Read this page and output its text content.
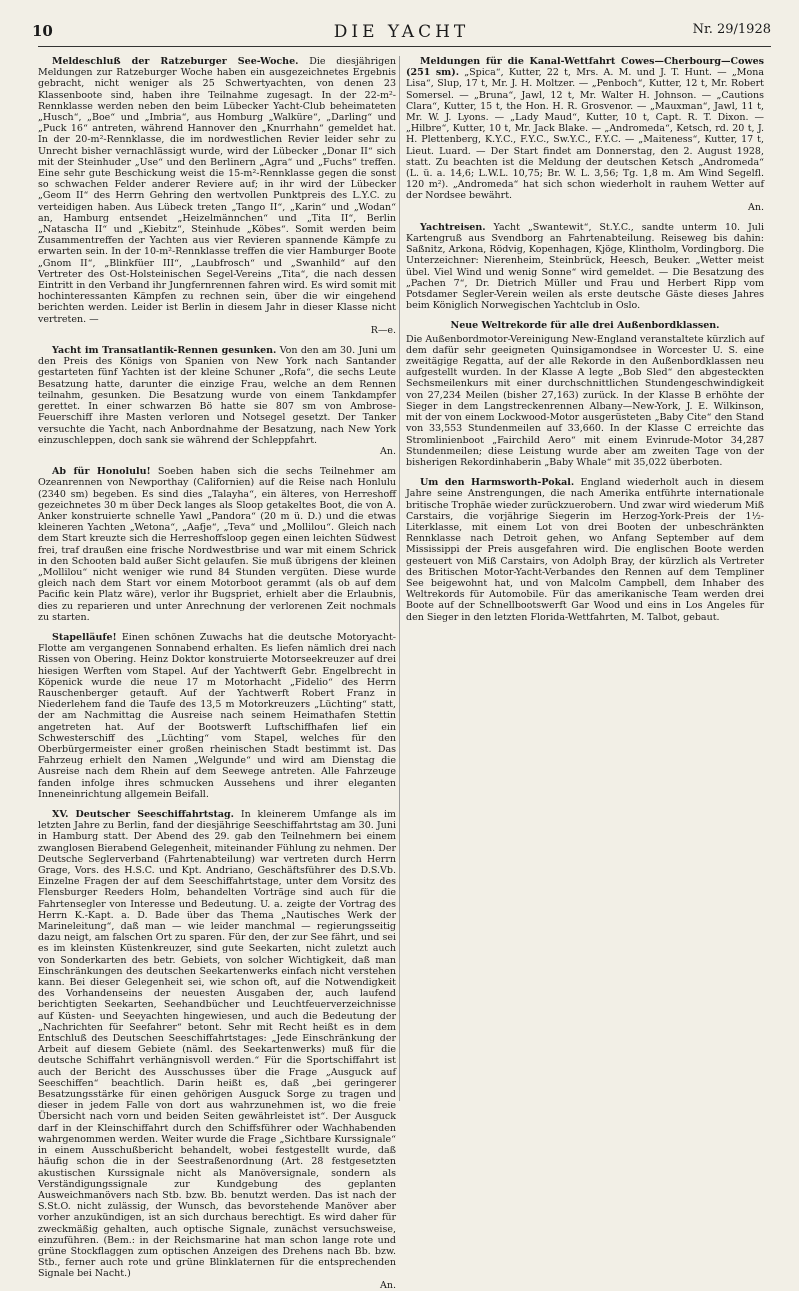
10	DIE YACHT	Nr. 29/1928

Meldeschluß der Ratzeburger See-Woche. Die diesjährigen Meldungen zur Ratzeburger Woche haben ein ausgezeichnetes Ergebnis gebracht, nicht weniger als 25 Schwertyachten, von denen 23 Klassenboote sind, haben ihre Teilnahme zugesagt. In der 22-m²-Rennklasse werden neben den beim Lübecker Yacht-Club beheimateten „Husch“, „Boe“ und „Imbria“, aus Homburg „Walküre“, „Darling“ und „Puck 16“ antreten, während Hannover den „Knurrhahn“ gemeldet hat. In der 20-m²-Rennklasse, die im nordwestlichen Revier leider sehr zu Unrecht bisher vernachlässigt wurde, wird der Lübecker „Donar II“ sich mit der Steinhuder „Use“ und den Berlinern „Agra“ und „Fuchs“ treffen. Eine sehr gute Beschickung weist die 15-m²-Rennklasse gegen die sonst so schwachen Felder anderer Reviere auf; in ihr wird der Lübecker „Geom II“ des Herrn Gehring den wertvollen Punktpreis des L.Y.C. zu verteidigen haben. Aus Lübeck treten „Tango II“, „Karin“ und „Wodan“ an, Hamburg entsendet „Heizelmännchen“ und „Tita II“, Berlin „Natascha II“ und „Kiebitz“, Steinhude „Köbes“. Somit werden beim Zusammentreffen der Yachten aus vier Revieren spannende Kämpfe zu erwarten sein. In der 10-m²-Rennklasse treffen die vier Hamburger Boote „Gnom II“, „Blinkfüer III“, „Laubfrosch“ und „Swanhild“ auf den Vertreter des Ost-Holsteinischen Segel-Vereins „Tita“, die nach dessen Eintritt in den Verband ihr Jungfernrennen fahren wird. Es wird somit mit hochinteressanten Kämpfen zu rechnen sein, über die wir eingehend berichten werden. Leider ist Berlin in diesem Jahr in dieser Klasse nicht vertreten. —
R—e.

Yacht im Transatlantik-Rennen gesunken. Von den am 30. Juni um den Preis des Königs von Spanien von New York nach Santander gestarteten fünf Yachten ist der kleine Schuner „Rofa“, die sechs Leute Besatzung hatte, darunter die einzige Frau, welche an dem Rennen teilnahm, gesunken. Die Besatzung wurde von einem Tankdampfer gerettet. In einer schwarzen Bö hatte sie 807 sm von Ambrose-Feuerschiff ihre Masten verloren und Notsegel gesetzt. Der Tanker versuchte die Yacht, nach Anbordnahme der Besatzung, nach New York einzuschleppen, doch sank sie während der Schleppfahrt.
An.

Ab für Honolulu! Soeben haben sich die sechs Teilnehmer am Ozeanrennen von Newporthay (Californien) auf die Reise nach Honlulu (2340 sm) begeben. Es sind dies „Talayha“, ein älteres, von Herreshoff gezeichnetes 30 m über Deck langes als Sloop getakeltes Boot, die von A. Anker konstruierte schnelle Yawl „Pandora“ (20 m ü. D.) und die etwas kleineren Yachten „Wetona“, „Aafje“, „Teva“ und „Mollilou“. Gleich nach dem Start kreuzte sich die Herreshoffsloop gegen einen leichten Südwest frei, traf draußen eine frische Nordwestbrise und war mit einem Schrick in den Schooten bald außer Sicht gelaufen. Sie muß übrigens der kleinen „Mollilou“ nicht weniger wie rund 84 Stunden vergüten. Diese wurde gleich nach dem Start vor einem Motorboot gerammt (als ob auf dem Pacific kein Platz wäre), verlor ihr Bugspriet, erhielt aber die Erlaubnis, dies zu reparieren und unter Anrechnung der verlorenen Zeit nochmals zu starten.

Stapelläufe! Einen schönen Zuwachs hat die deutsche Motoryacht-Flotte am vergangenen Sonnabend erhalten. Es liefen nämlich drei nach Rissen von Obering. Heinz Doktor konstruierte Motorseekreuzer auf drei hiesigen Werften vom Stapel. Auf der Yachtwerft Gebr. Engelbrecht in Köpenick wurde die neue 17 m Motorhacht „Fidelio“ des Herrn Rauschenberger getauft. Auf der Yachtwerft Robert Franz in Niederlehem fand die Taufe des 13,5 m Motorkreuzers „Lüchting“ statt, der am Nachmittag die Ausreise nach seinem Heimathafen Stettin angetreten hat. Auf der Bootswerft Luftschiffhafen lief ein Schwesterschiff des „Lüchting“ vom Stapel, welches für den Oberbürgermeister einer großen rheinischen Stadt bestimmt ist. Das Fahrzeug erhielt den Namen „Welgunde“ und wird am Dienstag die Ausreise nach dem Rhein auf dem Seewege antreten. Alle Fahrzeuge fanden infolge ihres schmucken Aussehens und ihrer eleganten Inneneinrichtung allgemein Beifall.

XV. Deutscher Seeschiffahrtstag. In kleinerem Umfange als im letzten Jahre zu Berlin, fand der diesjährige Seeschiffahrtstag am 30. Juni in Hamburg statt. Der Abend des 29. gab den Teilnehmern bei einem zwanglosen Bierabend Gelegenheit, miteinander Fühlung zu nehmen. Der Deutsche Seglerverband (Fahrtenabteilung) war vertreten durch Herrn Grage, Vors. des H.S.C. und Kpt. Andriano, Geschäftsführer des D.S.Vb. Einzelne Fragen der auf dem Seeschiffahrtstage, unter dem Vorsitz des Flensburger Reeders Holm, behandelten Vorträge sind auch für die Fahrtensegler von Interesse und Bedeutung. U. a. zeigte der Vortrag des Herrn K.-Kapt. a. D. Bade über das Thema „Nautisches Werk der Marineleitung“, daß man — wie leider manchmal — regierungsseitig dazu neigt, am falschen Ort zu sparen. Für den, der zur See fährt, und sei es im kleinsten Küstenkreuzer, sind gute Seekarten, nicht zuletzt auch von Sonderkarten des betr. Gebiets, von solcher Wichtigkeit, daß man Einschränkungen des deutschen Seekartenwerks einfach nicht verstehen kann. Bei dieser Gelegenheit sei, wie schon oft, auf die Notwendigkeit des Vorhandenseins der neuesten Ausgaben der, auch laufend berichtigten Seekarten, Seehandbücher und Leuchtfeuerverzeichnisse auf Küsten- und Seeyachten hingewiesen, und auch die Bedeutung der „Nachrichten für Seefahrer“ betont. Sehr mit Recht heißt es in dem Entschluß des Deutschen Seeschiffahrtstages: „Jede Einschränkung der Arbeit auf diesem Gebiete (näml. des Seekartenwerks) muß für die deutsche Schiffahrt verhängnisvoll werden.“ Für die Sportschiffahrt ist auch der Bericht des Ausschusses über die Frage „Ausguck auf Seeschiffen“ beachtlich. Darin heißt es, daß „bei geringerer Besatzungsstärke für einen gehörigen Ausguck Sorge zu tragen und dieser in jedem Falle von dort aus wahrzunehmen ist, wo die freie Übersicht nach vorn und beiden Seiten gewährleistet ist“. Der Ausguck darf in der Kleinschiffahrt durch den Schiffsführer oder Wachhabenden wahrgenommen werden. Weiter wurde die Frage „Sichtbare Kurssignale“ in einem Ausschußbericht behandelt, wobei festgestellt wurde, daß häufig schon die in der Seestraßenordnung (Art. 28 festgesetzten akustischen Kurssignale nicht als Manöversignale, sondern als Verständigungssignale zur Kundgebung des geplanten Ausweichmanövers nach Stb. bzw. Bb. benutzt werden. Das ist nach der S.St.O. nicht zulässig, der Wunsch, das bevorstehende Manöver aber vorher anzukündigen, ist an sich durchaus berechtigt. Es wird daher für zweckmäßig gehalten, auch optische Signale, zunächst versuchsweise, einzuführen. (Bem.: in der Reichsmarine hat man schon lange rote und grüne Stockflaggen zum optischen Anzeigen des Drehens nach Bb. bzw. Stb., ferner auch rote und grüne Blinklaternen für die entsprechenden Signale bei Nacht.)
An.

Meldungen für die Kanal-Wettfahrt Cowes—Cherbourg—Cowes (251 sm). „Spica“, Kutter, 22 t, Mrs. A. M. und J. T. Hunt. — „Mona Lisa“, Slup, 17 t, Mr. J. H. Moltzer. — „Penboch“, Kutter, 12 t, Mr. Robert Somersel. — „Bruna“, Jawl, 12 t, Mr. Walter H. Johnson. — „Cautions Clara“, Kutter, 15 t, the Hon. H. R. Grosvenor. — „Mauxman“, Jawl, 11 t, Mr. W. J. Lyons. — „Lady Maud“, Kutter, 10 t, Capt. R. T. Dixon. — „Hilbre“, Kutter, 10 t, Mr. Jack Blake. — „Andromeda“, Ketsch, rd. 20 t, J. H. Plettenberg, K.Y.C., F.Y.C., Sw.Y.C., F.Y.C. — „Maiteness“, Kutter, 17 t, Lieut. Luard. — Der Start findet am Donnerstag, den 2. August 1928, statt. Zu beachten ist die Meldung der deutschen Ketsch „Andromeda“ (L. ü. a. 14,6; L.W.L. 10,75; Br. W. L. 3,56; Tg. 1,8 m. Am Wind Segelfl. 120 m²). „Andromeda“ hat sich schon wiederholt in rauhem Wetter auf der Nordsee bewährt.
An.

Yachtreisen. Yacht „Swantewit“, St.Y.C., sandte unterm 10. Juli Kartengruß aus Svendborg an Fahrtenabteilung. Reiseweg bis dahin: Saßnitz, Arkona, Rödvig, Kopenhagen, Kjöge, Klintholm, Vordingborg. Die Unterzeichner: Nierenheim, Steinbrück, Heesch, Beuker. „Wetter meist übel. Viel Wind und wenig Sonne“ wird gemeldet. — Die Besatzung des „Pachen 7“, Dr. Dietrich Müller und Frau und Herbert Ripp vom Potsdamer Segler-Verein weilen als erste deutsche Gäste dieses Jahres beim Königlich Norwegischen Yachtclub in Oslo.

Neue Weltrekorde für alle drei Außenbordklassen.

Die Außenbordmotor-Vereinigung New-England veranstaltete kürzlich auf dem dafür sehr geeigneten Quinsigamondsee in Worcester U. S. eine zweitägige Regatta, auf der alle Rekorde in den Außenbordklassen neu aufgestellt wurden. In der Klasse A legte „Bob Sled“ den abgesteckten Sechsmeilenkurs mit einer durchschnittlichen Stundengeschwindigkeit von 27,234 Meilen (bisher 27,163) zurück. In der Klasse B erhöhte der Sieger in dem Langstreckenrennen Albany—New-York, J. E. Wilkinson, mit der von einem Lockwood-Motor ausgerüsteten „Baby Cite“ den Stand von 33,553 Stundenmeilen auf 33,660. In der Klasse C erreichte das Stromlinienboot „Fairchild Aero“ mit einem Evinrude-Motor 34,287 Stundenmeilen; diese Leistung wurde aber am zweiten Tage von der bisherigen Rekordinhaberin „Baby Whale“ mit 35,022 überboten.

Um den Harmsworth-Pokal. England wiederholt auch in diesem Jahre seine Anstrengungen, die nach Amerika entführte internationale britische Trophäe wieder zurückzuerobern. Und zwar wird wiederum Miß Carstairs, die vorjährige Siegerin im Herzog-York-Preis der 1½-Literklasse, mit einem Lot von drei Booten der unbeschränkten Rennklasse nach Detroit gehen, wo Anfang September auf dem Mississippi der Preis ausgefahren wird. Die englischen Boote werden gesteuert von Miß Carstairs, von Adolph Bray, der kürzlich als Vertreter des Britischen Motor-Yacht-Verbandes den Rennen auf dem Templiner See beigewohnt hat, und von Malcolm Campbell, dem Inhaber des Weltrekords für Automobile. Für das amerikanische Team werden drei Boote auf der Schnellbootswerft Gar Wood und eins in Los Angeles für den Sieger in den letzten Florida-Wettfahrten, M. Talbot, gebaut.
